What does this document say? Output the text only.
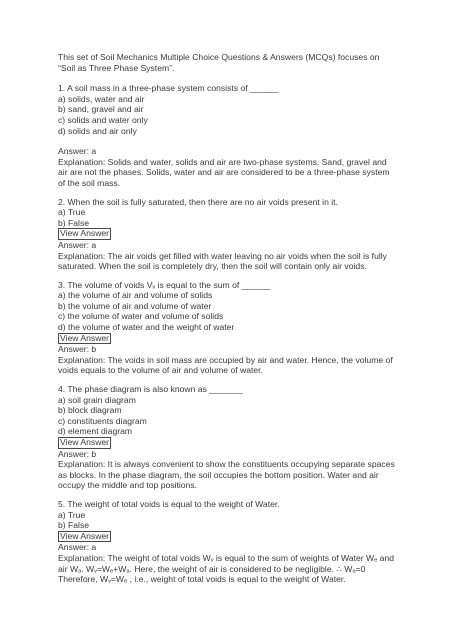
This set of Soil Mechanics Multiple Choice Questions & Answers (MCQs) focuses on
“Soil as Three Phase System”.
1. A soil mass in a three-phase system consists of ______
a) solids, water and air
b) sand, gravel and air
c) solids and water only
d) solids and air only
Answer: a
Explanation: Solids and water, solids and air are two-phase systems. Sand, gravel and
air are not the phases. Solids, water and air are considered to be a three-phase system
of the soil mass.
2. When the soil is fully saturated, then there are no air voids present in it.
a) True
b) False
View Answer
Answer: a
Explanation: The air voids get filled with water leaving no air voids when the soil is fully
saturated. When the soil is completely dry, then the soil will contain only air voids.
3. The volume of voids Vᵥ is equal to the sum of ______
a) the volume of air and volume of solids
b) the volume of air and volume of water
c) the volume of water and volume of solids
d) the volume of water and the weight of water
View Answer
Answer: b
Explanation: The voids in soil mass are occupied by air and water. Hence, the volume of
voids equals to the volume of air and volume of water.
4. The phase diagram is also known as _______
a) soil grain diagram
b) block diagram
c) constituents diagram
d) element diagram
View Answer
Answer: b
Explanation: It is always convenient to show the constituents occupying separate spaces
as blocks. In the phase diagram, the soil occupies the bottom position. Water and air
occupy the middle and top positions.
5. The weight of total voids is equal to the weight of Water.
a) True
b) False
View Answer
Answer: a
Explanation: The weight of total voids Wᵥ is equal to the sum of weights of Water Wₑ and
air Wₐ. Wᵥ=Wₑ+Wₐ. Here, the weight of air is considered to be negligible. ∴ Wₐ=0
Therefore, Wᵥ=Wₑ , i.e., weight of total voids is equal to the weight of Water.
